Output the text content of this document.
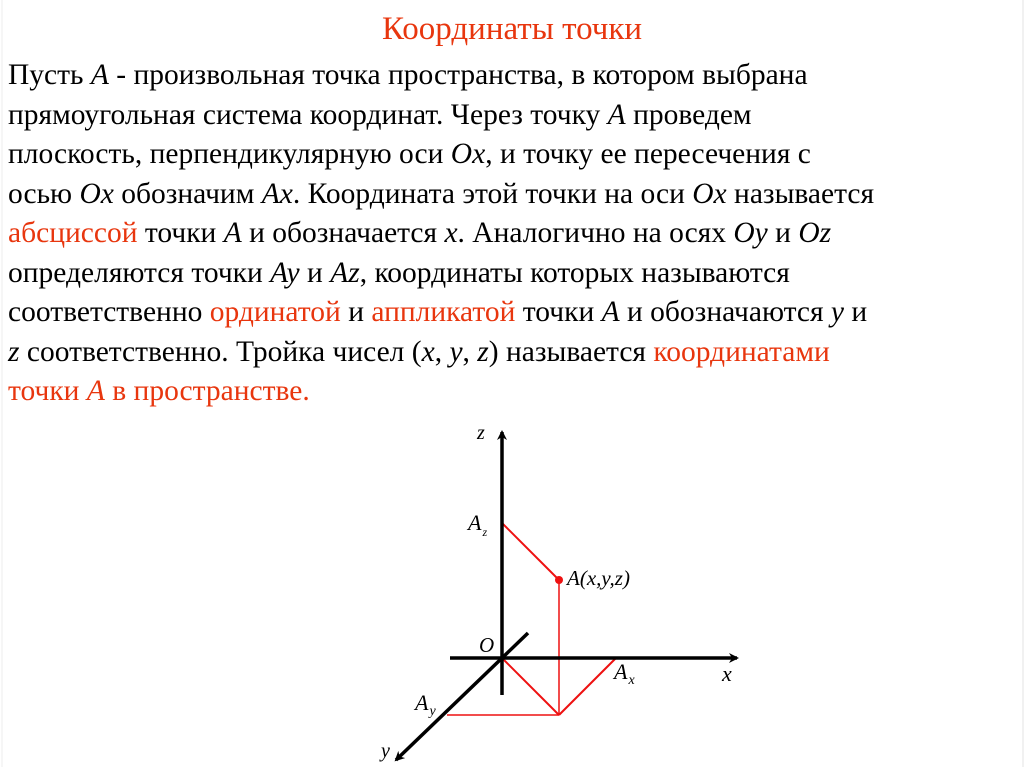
Координаты точки
Пусть A - произвольная точка пространства, в котором выбрана
прямоугольная система координат. Через точку A проведем
плоскость, перпендикулярную оси Ox, и точку ее пересечения с
осью Ox обозначим Ax. Координата этой точки на оси Ox называется
абсциссой точки A и обозначается x. Аналогично на осях Oy и Oz
определяются точки Ay и Az, координаты которых называются
соответственно ординатой и аппликатой точки A и обозначаются y и
z соответственно. Тройка чисел (x, y, z) называется координатами
точки A в пространстве.
z
x
y
O
$A_z$
$A_x$
$A_y$
A(x,y,z)
